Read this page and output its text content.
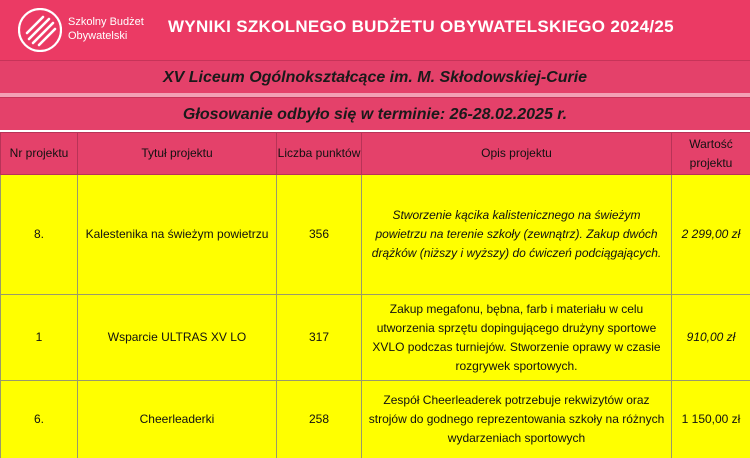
Szkolny Budżet
Obywatelski	WYNIKI SZKOLNEGO BUDŻETU OBYWATELSKIEGO 2024/25
XV Liceum Ogólnokształcące im. M. Skłodowskiej-Curie
Głosowanie odbyło się w terminie: 26-28.02.2025 r.
Nr projektu	Tytuł projektu	Liczba punktów	Opis projektu	Wartość projektu
8.	Kalestenika na świeżym powietrzu	356	Stworzenie kącika kalistenicznego na świeżym powietrzu na terenie szkoły (zewnątrz). Zakup dwóch drążków (niższy i wyższy) do ćwiczeń podciągających.	2 299,00 zł
1	Wsparcie ULTRAS XV LO	317	Zakup megafonu, bębna, farb i materiału w celu utworzenia sprzętu dopingującego drużyny sportowe XVLO podczas turniejów. Stworzenie oprawy w czasie rozgrywek sportowych.	910,00 zł
6.	Cheerleaderki	258	Zespół Cheerleaderek potrzebuje rekwizytów oraz strojów do godnego reprezentowania szkoły na różnych wydarzeniach sportowych	1 150,00 zł
